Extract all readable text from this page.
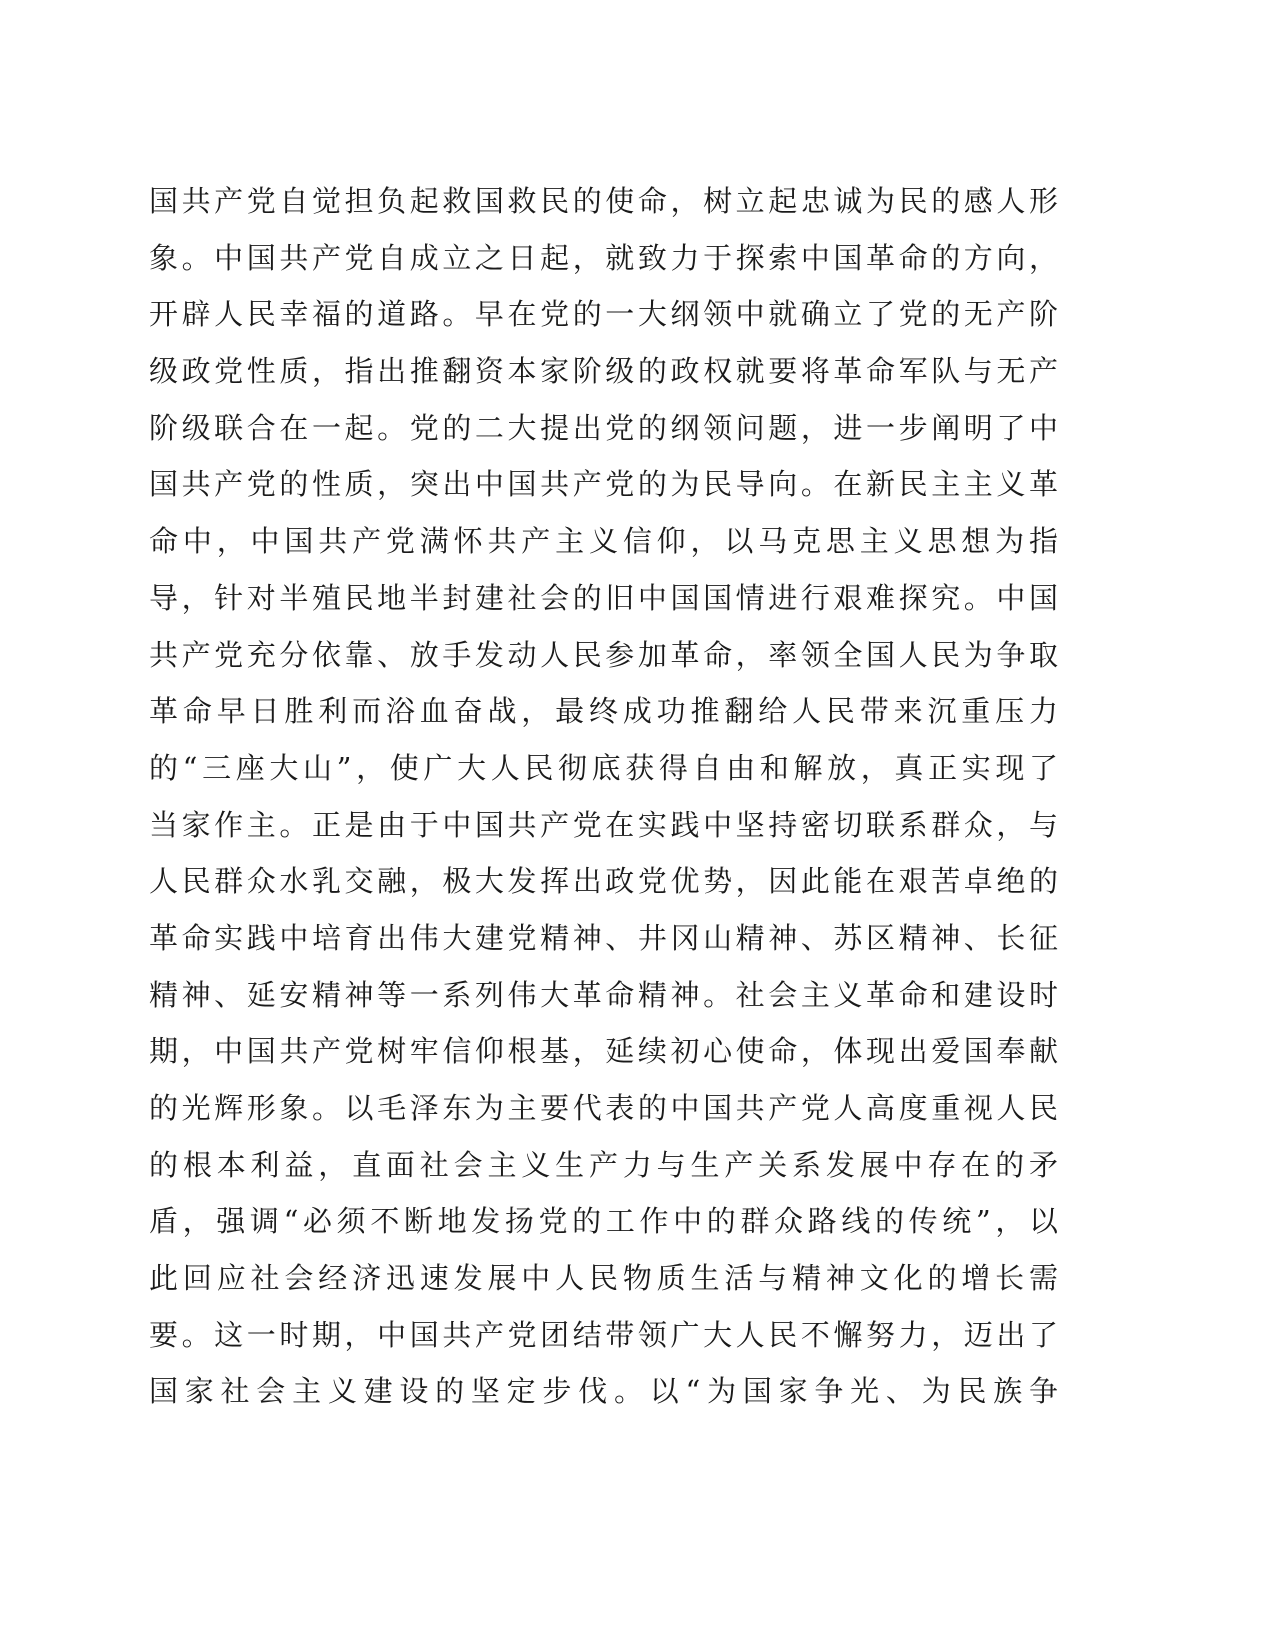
国共产党自觉担负起救国救民的使命，树立起忠诚为民的感人形
象。中国共产党自成立之日起，就致力于探索中国革命的方向，
开辟人民幸福的道路。早在党的一大纲领中就确立了党的无产阶
级政党性质，指出推翻资本家阶级的政权就要将革命军队与无产
阶级联合在一起。党的二大提出党的纲领问题，进一步阐明了中
国共产党的性质，突出中国共产党的为民导向。在新民主主义革
命中，中国共产党满怀共产主义信仰，以马克思主义思想为指
导，针对半殖民地半封建社会的旧中国国情进行艰难探究。中国
共产党充分依靠、放手发动人民参加革命，率领全国人民为争取
革命早日胜利而浴血奋战，最终成功推翻给人民带来沉重压力
的“三座大山”，使广大人民彻底获得自由和解放，真正实现了
当家作主。正是由于中国共产党在实践中坚持密切联系群众，与
人民群众水乳交融，极大发挥出政党优势，因此能在艰苦卓绝的
革命实践中培育出伟大建党精神、井冈山精神、苏区精神、长征
精神、延安精神等一系列伟大革命精神。社会主义革命和建设时
期，中国共产党树牢信仰根基，延续初心使命，体现出爱国奉献
的光辉形象。以毛泽东为主要代表的中国共产党人高度重视人民
的根本利益，直面社会主义生产力与生产关系发展中存在的矛
盾，强调“必须不断地发扬党的工作中的群众路线的传统”，以
此回应社会经济迅速发展中人民物质生活与精神文化的增长需
要。这一时期，中国共产党团结带领广大人民不懈努力，迈出了
国家社会主义建设的坚定步伐。以“为国家争光、为民族争
